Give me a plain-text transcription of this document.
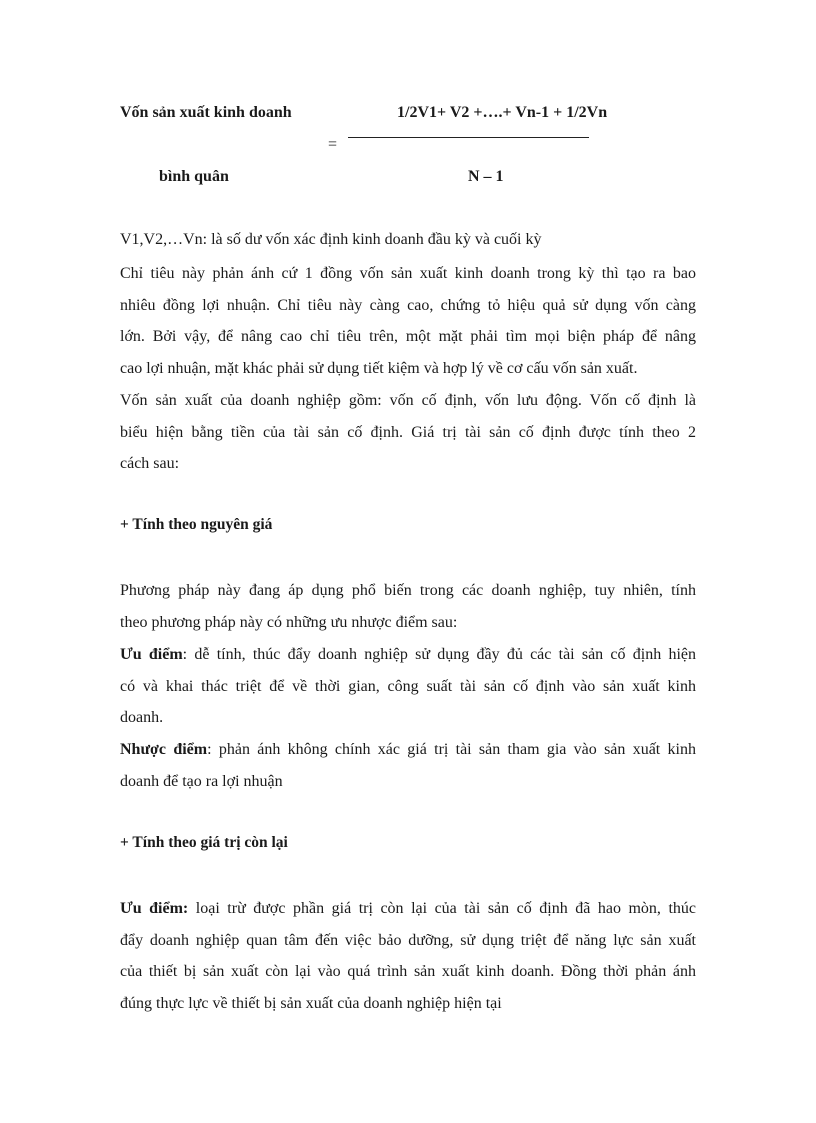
Vốn sản xuất kinh doanh
bình quân
=
1/2V1+ V2 +….+ Vn-1 + 1/2Vn
N – 1
V1,V2,…Vn: là số dư vốn xác định kinh doanh đầu kỳ và cuối kỳ
Chỉ tiêu này phản ánh cứ 1 đồng vốn sản xuất kinh doanh trong kỳ thì tạo ra bao
nhiêu đồng lợi nhuận. Chỉ tiêu này càng cao, chứng tỏ hiệu quả sử dụng vốn càng
lớn. Bởi vậy, để nâng cao chỉ tiêu trên, một mặt phải tìm mọi biện pháp để nâng
cao lợi nhuận, mặt khác phải sử dụng tiết kiệm và hợp lý về cơ cấu vốn sản xuất.
Vốn sản xuất của doanh nghiệp gồm: vốn cố định, vốn lưu động. Vốn cố định là
biểu hiện bằng tiền của tài sản cố định. Giá trị tài sản cố định được tính theo 2
cách sau:
+ Tính theo nguyên giá
Phương pháp này đang áp dụng phổ biến trong các doanh nghiệp, tuy nhiên, tính
theo phương pháp này có những ưu nhược điểm sau:
Ưu điểm: dễ tính, thúc đẩy doanh nghiệp sử dụng đầy đủ các tài sản cố định hiện
có và khai thác triệt để về thời gian, công suất tài sản cố định vào sản xuất kinh
doanh.
Nhược điểm: phản ánh không chính xác giá trị tài sản tham gia vào sản xuất kinh
doanh để tạo ra lợi nhuận
+ Tính theo giá trị còn lại
Ưu điểm: loại trừ được phần giá trị còn lại của tài sản cố định đã hao mòn, thúc
đẩy doanh nghiệp quan tâm đến việc bảo dưỡng, sử dụng triệt để năng lực sản xuất
của thiết bị sản xuất còn lại vào quá trình sản xuất kinh doanh. Đồng thời phản ánh
đúng thực lực về thiết bị sản xuất của doanh nghiệp hiện tại
